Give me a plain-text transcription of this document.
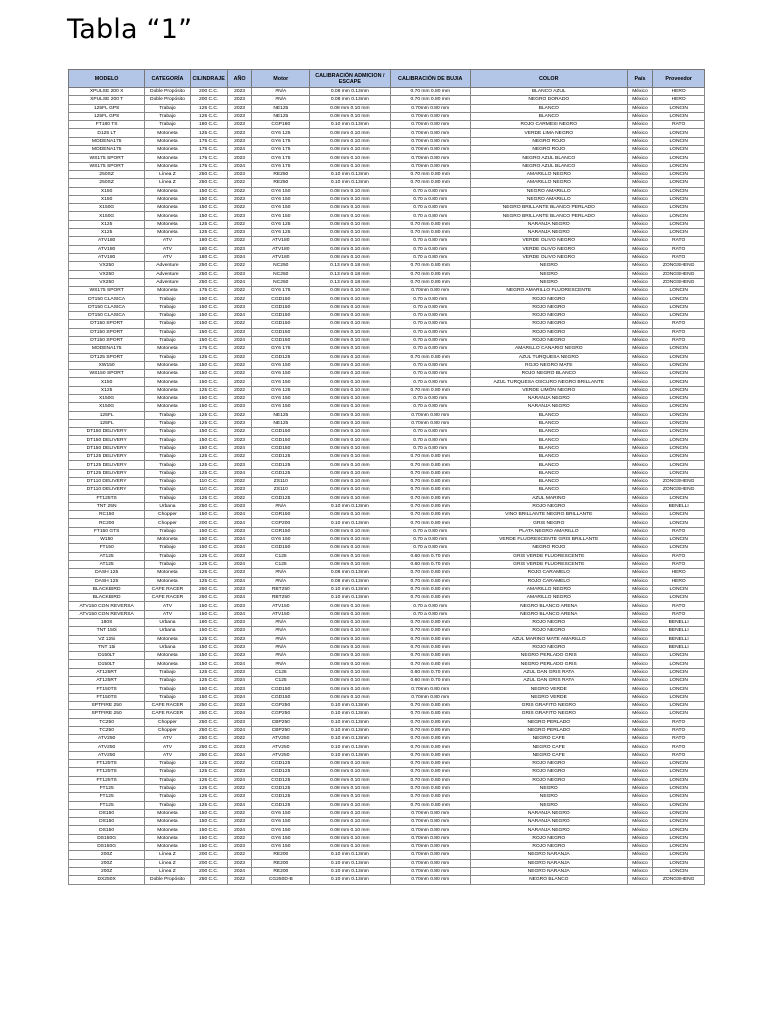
Tabla “1”
MODELO	CATEGORÍA	CILINDRAJE	AÑO	Motor	CALIBRACIÓN ADMICION / ESCAPE	CALIBRACIÓN DE BUJIA	COLOR	País	Proveedor
XPULSE 200 X	Doble Propósito	200 C.C.	2023	#N/A	0.08 mm 0.13mm	0.70 mm 0.80 mm	BLANCO AZUL	México	HERO
XPULSE 200 T	Doble Propósito	200 C.C.	2023	#N/A	0.08 mm 0.13mm	0.70 mm 0.80 mm	NEGRO DORADO	México	HERO
125FL GPS	Trabajo	125 C.C.	2023	NE125	0.08 mm 0.10 mm	0.70mm 0.80 mm	BLANCO	México	LONCIN
125FL GPS	Trabajo	125 C.C.	2023	NE125	0.08 mm 0.10 mm	0.70mm 0.80 mm	BLANCO	México	LONCIN
FT180 TS	Trabajo	180 C.C.	2023	CGP180	0.10 mm 0.13mm	0.70mm 0.80 mm	ROJO CARMESI NEGRO	México	RATO
D125 LT	Motoneta	125 C.C.	2023	GY6 125	0.08 mm 0.10 mm	0.70mm 0.80 mm	VERDE LIMA NEGRO	México	LONCIN
MODENA175	Motoneta	175 C.C.	2023	GY6 175	0.08 mm 0.10 mm	0.70mm 0.80 mm	NEGRO ROJO	México	LONCIN
MODENA175	Motoneta	175 C.C.	2024	GY6 175	0.08 mm 0.10 mm	0.70mm 0.80 mm	NEGRO ROJO	México	LONCIN
WS175 SPORT	Motoneta	175 C.C.	2023	GY6 175	0.08 mm 0.10 mm	0.70mm 0.80 mm	NEGRO AZUL BLANCO	México	LONCIN
WS175 SPORT	Motoneta	175 C.C.	2024	GY6 175	0.08 mm 0.10 mm	0.70mm 0.80 mm	NEGRO AZUL BLANCO	México	LONCIN
250SZ	Línea Z	250 C.C.	2023	RE250	0.10 mm 0.13mm	0.70 mm 0.80 mm	AMARILLO NEGRO	México	LONCIN
250SZ	Línea Z	250 C.C.	2022	RE250	0.10 mm 0.13mm	0.70 mm 0.80 mm	AMARILLO NEGRO	México	LONCIN
X150	Motoneta	150 C.C.	2022	GY6 150	0.08 mm 0.10 mm	0.70 a 0.80 mm	NEGRO AMARILLO	México	LONCIN
X150	Motoneta	150 C.C.	2023	GY6 150	0.08 mm 0.10 mm	0.70 a 0.80 mm	NEGRO AMARILLO	México	LONCIN
X150G	Motoneta	150 C.C.	2022	GY6 150	0.08 mm 0.10 mm	0.70 a 0.80 mm	NEGRO BRILLANTE BLANCO PERLADO	México	LONCIN
X150G	Motoneta	150 C.C.	2023	GY6 150	0.08 mm 0.10 mm	0.70 a 0.80 mm	NEGRO BRILLANTE BLANCO PERLADO	México	LONCIN
X125	Motoneta	125 C.C.	2022	GY6 125	0.08 mm 0.10 mm	0.70 mm 0.80 mm	NARANJA NEGRO	México	LONCIN
X125	Motoneta	125 C.C.	2023	GY6 125	0.08 mm 0.10 mm	0.70 mm 0.80 mm	NARANJA NEGRO	México	LONCIN
ATV180	ATV	180 C.C.	2022	ATV180	0.08 mm 0.10 mm	0.70 a 0.80 mm	VERDE OLIVO NEGRO	México	RATO
ATV180	ATV	180 C.C.	2023	ATV180	0.08 mm 0.10 mm	0.70 a 0.80 mm	VERDE OLIVO NEGRO	México	RATO
ATV180	ATV	180 C.C.	2024	ATV180	0.08 mm 0.10 mm	0.70 a 0.80 mm	VERDE OLIVO NEGRO	México	RATO
VX250	Adventure	250 C.C.	2022	NC250	0.13 mm 0.18 mm	0.70 mm 0.80 mm	NEGRO	México	ZONGSHENG
VX250	Adventure	250 C.C.	2023	NC250	0.13 mm 0.18 mm	0.70 mm 0.80 mm	NEGRO	México	ZONGSHENG
VX250	Adventure	250 C.C.	2024	NC250	0.13 mm 0.18 mm	0.70 mm 0.80 mm	NEGRO	México	ZONGSHENG
WS175 SPORT	Motoneta	175 C.C.	2022	GY6 175	0.08 mm 0.10 mm	0.70mm 0.80 mm	NEGRO AMARILLO FLUORESCENTE	México	LONCIN
DT150 CLASICA	Trabajo	150 C.C.	2022	CGD150	0.08 mm 0.10 mm	0.70 a 0.80 mm	ROJO NEGRO	México	LONCIN
DT150 CLASICA	Trabajo	150 C.C.	2023	CGD150	0.08 mm 0.10 mm	0.70 a 0.80 mm	ROJO NEGRO	México	LONCIN
DT150 CLASICA	Trabajo	150 C.C.	2024	CGD150	0.08 mm 0.10 mm	0.70 a 0.80 mm	ROJO NEGRO	México	LONCIN
DT150 SPORT	Trabajo	150 C.C.	2022	CGD150	0.08 mm 0.10 mm	0.70 a 0.80 mm	ROJO NEGRO	México	RATO
DT150 SPORT	Trabajo	150 C.C.	2023	CGD150	0.08 mm 0.10 mm	0.70 a 0.80 mm	ROJO NEGRO	México	RATO
DT150 SPORT	Trabajo	150 C.C.	2024	CGD150	0.08 mm 0.10 mm	0.70 a 0.80 mm	ROJO NEGRO	México	RATO
MODENA175	Motoneta	175 C.C.	2022	GY6 175	0.08 mm 0.10 mm	0.70 a 0.80 mm	AMARILLO CANARIO NEGRO	México	LONCIN
DT125 SPORT	Trabajo	125 C.C.	2022	CGD125	0.08 mm 0.10 mm	0.70 mm 0.80 mm	AZUL TURQUESA NEGRO	México	LONCIN
XW150	Motoneta	150 C.C.	2022	GY6 150	0.08 mm 0.10 mm	0.70 a 0.80 mm	ROJO NEGRO MATE	México	LONCIN
WS150 SPORT	Motoneta	150 C.C.	2022	GY6 150	0.08 mm 0.10 mm	0.70 a 0.80 mm	ROJO NEGRO BLANCO	México	LONCIN
X150	Motoneta	150 C.C.	2022	GY6 150	0.08 mm 0.10 mm	0.70 a 0.80 mm	AZUL TURQUESA OSCURO NEGRO BRILLANTE	México	LONCIN
X125	Motoneta	125 C.C.	2022	GY6 125	0.08 mm 0.10 mm	0.70 mm 0.80 mm	VERDE LIMÓN NEGRO	México	LONCIN
X150G	Motoneta	150 C.C.	2022	GY6 150	0.08 mm 0.10 mm	0.70 a 0.80 mm	NARANJA NEGRO	México	LONCIN
X150G	Motoneta	150 C.C.	2023	GY6 150	0.08 mm 0.10 mm	0.70 a 0.80 mm	NARANJA NEGRO	México	LONCIN
125FL	Trabajo	125 C.C.	2022	NE125	0.08 mm 0.10 mm	0.70mm 0.80 mm	BLANCO	México	LONCIN
125FL	Trabajo	125 C.C.	2023	NE125	0.08 mm 0.10 mm	0.70mm 0.80 mm	BLANCO	México	LONCIN
DT150 DELIVERY	Trabajo	150 C.C.	2022	CGD150	0.08 mm 0.10 mm	0.70 a 0.80 mm	BLANCO	México	LONCIN
DT150 DELIVERY	Trabajo	150 C.C.	2023	CGD150	0.08 mm 0.10 mm	0.70 a 0.80 mm	BLANCO	México	LONCIN
DT150 DELIVERY	Trabajo	150 C.C.	2024	CGD150	0.08 mm 0.10 mm	0.70 a 0.80 mm	BLANCO	México	LONCIN
DT125 DELIVERY	Trabajo	125 C.C.	2022	CGD125	0.08 mm 0.10 mm	0.70 mm 0.80 mm	BLANCO	México	LONCIN
DT125 DELIVERY	Trabajo	125 C.C.	2023	CGD125	0.08 mm 0.10 mm	0.70 mm 0.80 mm	BLANCO	México	LONCIN
DT125 DELIVERY	Trabajo	125 C.C.	2024	CGD125	0.08 mm 0.10 mm	0.70 mm 0.80 mm	BLANCO	México	LONCIN
DT110 DELIVERY	Trabajo	110 C.C.	2022	ZS110	0.08 mm 0.10 mm	0.70 mm 0.80 mm	BLANCO	México	ZONGSHENG
DT110 DELIVERY	Trabajo	110 C.C.	2023	ZS110	0.08 mm 0.10 mm	0.70 mm 0.80 mm	BLANCO	México	ZONGSHENG
FT125TS	Trabajo	125 C.C.	2022	CGD125	0.08 mm 0.10 mm	0.70 mm 0.80 mm	AZUL MARINO	México	LONCIN
TNT 25N	Urbana	250 C.C.	2023	#N/A	0.10 mm 0.13mm	0.70 mm 0.80 mm	ROJO NEGRO	México	BENELLI
RC150	Chopper	150 C.C.	2024	CGR150	0.08 mm 0.10 mm	0.70 mm 0.80 mm	VINO BRILLANTE NEGRO BRILLANTE	México	LONCIN
RC200	Chopper	200 C.C.	2024	CGP200	0.10 mm 0.13mm	0.70 mm 0.80 mm	GRIS NEGRO	México	LONCIN
FT150 GTS	Trabajo	150 C.C.	2023	CGR150	0.08 mm 0.10 mm	0.70 a 0.80 mm	PLATA NEGRO AMARILLO	México	RATO
W150	Motoneta	150 C.C.	2024	GY6 150	0.08 mm 0.10 mm	0.70 a 0.80 mm	VERDE FLUORESCENTE GRIS BRILLANTE	México	LONCIN
FT150	Trabajo	150 C.C.	2024	CGD150	0.08 mm 0.10 mm	0.70 a 0.80 mm	NEGRO ROJO	México	LONCIN
AT125	Trabajo	125 C.C.	2023	C125	0.08 mm 0.10 mm	0.60 mm 0.70 mm	GRIS VERDE FLUORESCENTE	México	RATO
AT125	Trabajo	125 C.C.	2024	C125	0.08 mm 0.10 mm	0.60 mm 0.70 mm	GRIS VERDE FLUORESCENTE	México	RATO
DASH 125	Motoneta	125 C.C.	2023	#N/A	0.08 mm 0.13mm	0.70 mm 0.80 mm	ROJO CARAMELO	México	HERO
DASH 125	Motoneta	125 C.C.	2024	#N/A	0.08 mm 0.13mm	0.70 mm 0.80 mm	ROJO CARAMELO	México	HERO
BLACKBIRD	CAFE RACER	250 C.C.	2023	RBT250	0.10 mm 0.13mm	0.70 mm 0.80 mm	AMARILLO NEGRO	México	LONCIN
BLACKBIRD	CAFE RACER	250 C.C.	2024	RBT250	0.10 mm 0.13mm	0.70 mm 0.80 mm	AMARILLO NEGRO	México	LONCIN
ATV150 CON REVERSA	ATV	150 C.C.	2023	ATV150	0.08 mm 0.10 mm	0.70 a 0.80 mm	NEGRO BLANCO ARENA	México	RATO
ATV150 CON REVERSA	ATV	150 C.C.	2024	ATV150	0.08 mm 0.10 mm	0.70 a 0.80 mm	NEGRO BLANCO ARENA	México	RATO
180S	Urbana	180 C.C.	2023	#N/A	0.08 mm 0.10 mm	0.70 mm 0.80 mm	ROJO NEGRO	México	BENELLI
TNT 150i	Urbana	150 C.C.	2023	#N/A	0.08 mm 0.10 mm	0.70 mm 0.80 mm	ROJO NEGRO	México	BENELLI
VZ 125i	Motoneta	125 C.C.	2023	#N/A	0.08 mm 0.10 mm	0.70 mm 0.80 mm	AZUL MARINO MATE AMARILLO	México	BENELLI
TNT 15i	Urbana	150 C.C.	2023	#N/A	0.08 mm 0.10 mm	0.70 mm 0.80 mm	ROJO NEGRO	México	BENELLI
D150LT	Motoneta	150 C.C.	2023	#N/A	0.08 mm 0.10 mm	0.70 mm 0.80 mm	NEGRO PERLADO GRIS	México	LONCIN
D150LT	Motoneta	150 C.C.	2024	#N/A	0.08 mm 0.10 mm	0.70 mm 0.80 mm	NEGRO PERLADO GRIS	México	LONCIN
AT125RT	Trabajo	125 C.C.	2023	C125	0.08 mm 0.10 mm	0.60 mm 0.70 mm	AZUL DAN GRIS RATA	México	LONCIN
AT125RT	Trabajo	125 C.C.	2024	C125	0.08 mm 0.10 mm	0.60 mm 0.70 mm	AZUL DAN GRIS RATA	México	LONCIN
FT150TS	Trabajo	150 C.C.	2023	CGD150	0.08 mm 0.10 mm	0.70mm 0.80 mm	NEGRO VERDE	México	LONCIN
FT150TS	Trabajo	150 C.C.	2024	CGD150	0.08 mm 0.10 mm	0.70mm 0.80 mm	NEGRO VERDE	México	LONCIN
SPTFIRE 250	CAFE RACER	250 C.C.	2023	CGP250	0.10 mm 0.13mm	0.70 mm 0.80 mm	GRIS GRAFITO NEGRO	México	LONCIN
SPTFIRE 250	CAFE RACER	250 C.C.	2024	CGP250	0.10 mm 0.13mm	0.70 mm 0.80 mm	GRIS GRAFITO NEGRO	México	LONCIN
TC250	Chopper	250 C.C.	2023	CBP250	0.10 mm 0.13mm	0.70 mm 0.80 mm	NEGRO PERLADO	México	RATO
TC250	Chopper	250 C.C.	2024	CBP250	0.10 mm 0.13mm	0.70 mm 0.80 mm	NEGRO PERLADO	México	RATO
ATV250	ATV	250 C.C.	2022	ATV250	0.10 mm 0.13mm	0.70 mm 0.80 mm	NEGRO CAFE	México	RATO
ATV250	ATV	250 C.C.	2023	ATV250	0.10 mm 0.13mm	0.70 mm 0.80 mm	NEGRO CAFE	México	RATO
ATV250	ATV	250 C.C.	2024	ATV250	0.10 mm 0.13mm	0.70 mm 0.80 mm	NEGRO CAFE	México	RATO
FT125TS	Trabajo	125 C.C.	2022	CGD125	0.08 mm 0.10 mm	0.70 mm 0.80 mm	ROJO NEGRO	México	LONCIN
FT125TS	Trabajo	125 C.C.	2023	CGD125	0.08 mm 0.10 mm	0.70 mm 0.80 mm	ROJO NEGRO	México	LONCIN
FT125TS	Trabajo	125 C.C.	2024	CGD125	0.08 mm 0.10 mm	0.70 mm 0.80 mm	ROJO NEGRO	México	LONCIN
FT125	Trabajo	125 C.C.	2022	CGD125	0.08 mm 0.10 mm	0.70 mm 0.80 mm	NEGRO	México	LONCIN
FT125	Trabajo	125 C.C.	2023	CGD125	0.08 mm 0.10 mm	0.70 mm 0.80 mm	NEGRO	México	LONCIN
FT125	Trabajo	125 C.C.	2024	CGD125	0.08 mm 0.10 mm	0.70 mm 0.80 mm	NEGRO	México	LONCIN
DS150	Motoneta	150 C.C.	2022	GY6 150	0.08 mm 0.10 mm	0.70mm 0.80 mm	NARANJA NEGRO	México	LONCIN
DS150	Motoneta	150 C.C.	2023	GY6 150	0.08 mm 0.10 mm	0.70mm 0.80 mm	NARANJA NEGRO	México	LONCIN
DS150	Motoneta	150 C.C.	2024	GY6 150	0.08 mm 0.10 mm	0.70mm 0.80 mm	NARANJA NEGRO	México	LONCIN
DS150G	Motoneta	150 C.C.	2022	GY6 150	0.08 mm 0.10 mm	0.70mm 0.80 mm	ROJO NEGRO	México	LONCIN
DS150G	Motoneta	150 C.C.	2023	GY6 150	0.08 mm 0.10 mm	0.70mm 0.80 mm	ROJO NEGRO	México	LONCIN
200Z	Línea Z	200 C.C.	2022	RE200	0.10 mm 0.13mm	0.70mm 0.80 mm	NEGRO NARANJA	México	LONCIN
200Z	Línea Z	200 C.C.	2023	RE200	0.10 mm 0.13mm	0.70mm 0.80 mm	NEGRO NARANJA	México	LONCIN
200Z	Línea Z	200 C.C.	2024	RE200	0.10 mm 0.13mm	0.70mm 0.80 mm	NEGRO NARANJA	México	LONCIN
DX250X	Doble Propósito	250 C.C.	2022	CG250D-B	0.10 mm 0.13mm	0.70mm 0.80 mm	NEGRO BLANCO	México	ZONGSHENG
